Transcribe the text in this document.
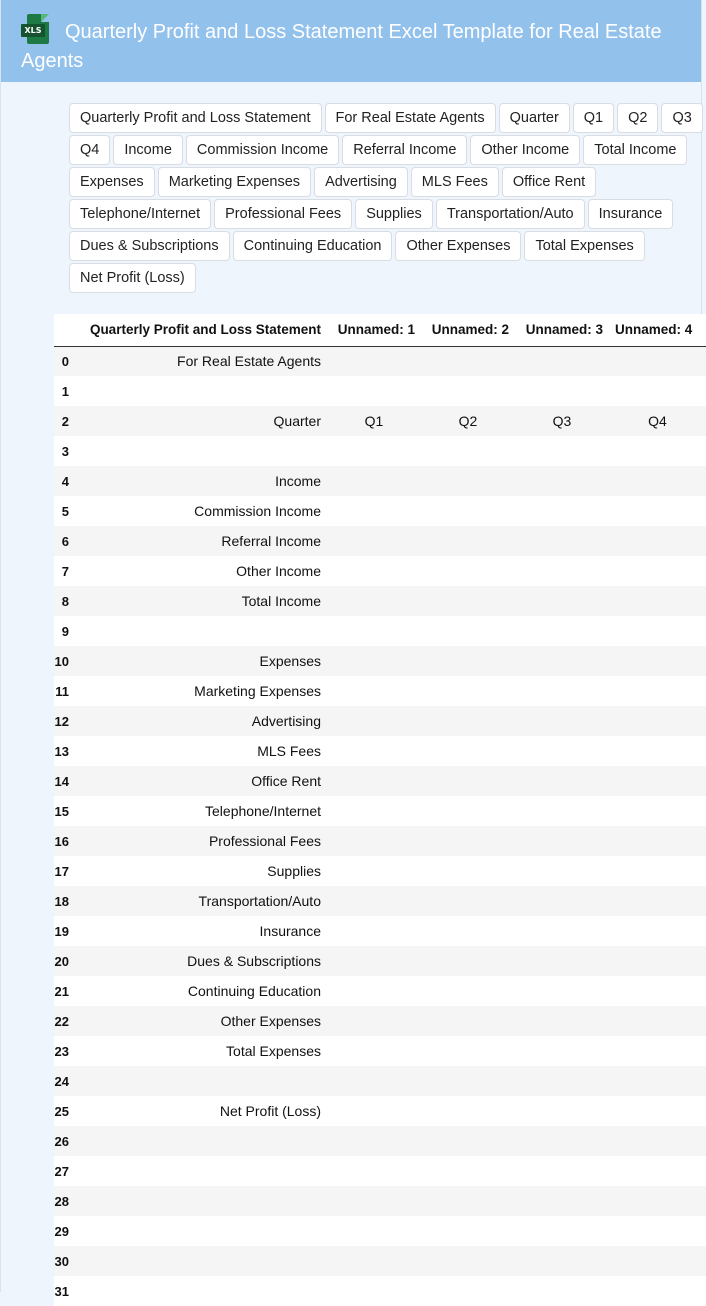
XLS Quarterly Profit and Loss Statement Excel Template for Real Estate Agents
Quarterly Profit and Loss Statement	For Real Estate Agents	Quarter	Q1	Q2	Q3
Q4	Income	Commission Income	Referral Income	Other Income	Total Income
Expenses	Marketing Expenses	Advertising	MLS Fees	Office Rent
Telephone/Internet	Professional Fees	Supplies	Transportation/Auto	Insurance
Dues & Subscriptions	Continuing Education	Other Expenses	Total Expenses
Net Profit (Loss)
	Quarterly Profit and Loss Statement	Unnamed: 1	Unnamed: 2	Unnamed: 3	Unnamed: 4
0	For Real Estate Agents				
1					
2	Quarter	Q1	Q2	Q3	Q4
3					
4	Income				
5	Commission Income				
6	Referral Income				
7	Other Income				
8	Total Income				
9					
10	Expenses				
11	Marketing Expenses				
12	Advertising				
13	MLS Fees				
14	Office Rent				
15	Telephone/Internet				
16	Professional Fees				
17	Supplies				
18	Transportation/Auto				
19	Insurance				
20	Dues & Subscriptions				
21	Continuing Education				
22	Other Expenses				
23	Total Expenses				
24					
25	Net Profit (Loss)				
26					
27					
28					
29					
30					
31					
